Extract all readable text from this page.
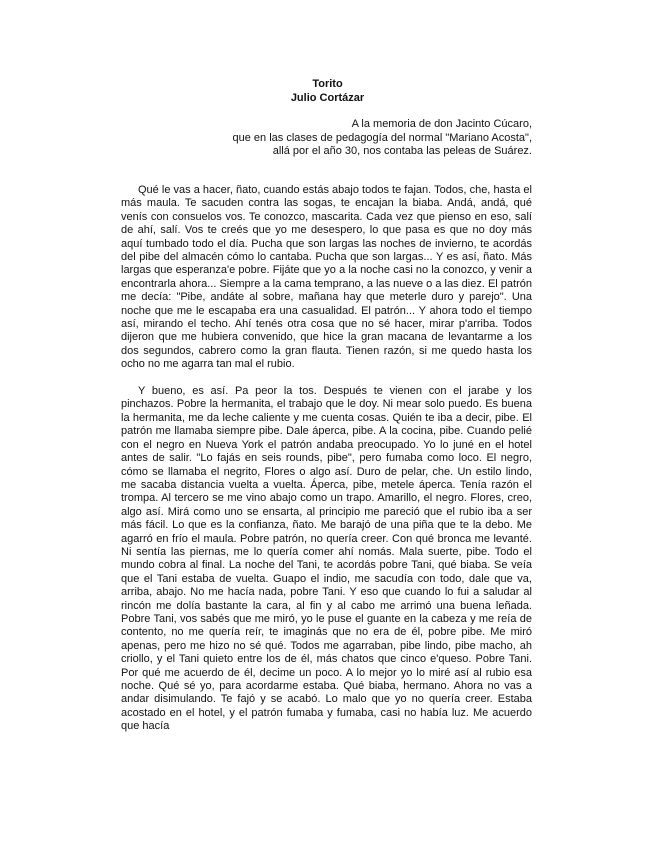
Torito
Julio Cortázar
A la memoria de don Jacinto Cúcaro,
que en las clases de pedagogía del normal "Mariano Acosta",
allá por el año 30, nos contaba las peleas de Suárez.

Qué le vas a hacer, ñato, cuando estás abajo todos te fajan. Todos, che, hasta el más maula. Te sacuden contra las sogas, te encajan la biaba. Andá, andá, qué venís con consuelos vos. Te conozco, mascarita. Cada vez que pienso en eso, salí de ahí, salí. Vos te creés que yo me desespero, lo que pasa es que no doy más aquí tumbado todo el día. Pucha que son largas las noches de invierno, te acordás del pibe del almacén cómo lo cantaba. Pucha que son largas... Y es así, ñato. Más largas que esperanza'e pobre. Fijáte que yo a la noche casi no la conozco, y venir a encontrarla ahora... Siempre a la cama temprano, a las nueve o a las diez. El patrón me decía: "Pibe, andáte al sobre, mañana hay que meterle duro y parejo". Una noche que me le escapaba era una casualidad. El patrón... Y ahora todo el tiempo así, mirando el techo. Ahí tenés otra cosa que no sé hacer, mirar p'arriba. Todos dijeron que me hubiera convenido, que hice la gran macana de levantarme a los dos segundos, cabrero como la gran flauta. Tienen razón, si me quedo hasta los ocho no me agarra tan mal el rubio.

Y bueno, es así. Pa peor la tos. Después te vienen con el jarabe y los pinchazos. Pobre la hermanita, el trabajo que le doy. Ni mear solo puedo. Es buena la hermanita, me da leche caliente y me cuenta cosas. Quién te iba a decir, pibe. El patrón me llamaba siempre pibe. Dale áperca, pibe. A la cocina, pibe. Cuando pelié con el negro en Nueva York el patrón andaba preocupado. Yo lo juné en el hotel antes de salir. "Lo fajás en seis rounds, pibe", pero fumaba como loco. El negro, cómo se llamaba el negrito, Flores o algo así. Duro de pelar, che. Un estilo lindo, me sacaba distancia vuelta a vuelta. Áperca, pibe, metele áperca. Tenía razón el trompa. Al tercero se me vino abajo como un trapo. Amarillo, el negro. Flores, creo, algo así. Mirá como uno se ensarta, al principio me pareció que el rubio iba a ser más fácil. Lo que es la confianza, ñato. Me barajó de una piña que te la debo. Me agarró en frío el maula. Pobre patrón, no quería creer. Con qué bronca me levanté. Ni sentía las piernas, me lo quería comer ahí nomás. Mala suerte, pibe. Todo el mundo cobra al final. La noche del Tani, te acordás pobre Tani, qué biaba. Se veía que el Tani estaba de vuelta. Guapo el indio, me sacudía con todo, dale que va, arriba, abajo. No me hacía nada, pobre Tani. Y eso que cuando lo fui a saludar al rincón me dolía bastante la cara, al fin y al cabo me arrimó una buena leñada. Pobre Tani, vos sabés que me miró, yo le puse el guante en la cabeza y me reía de contento, no me quería reír, te imaginás que no era de él, pobre pibe. Me miró apenas, pero me hizo no sé qué. Todos me agarraban, pibe lindo, pibe macho, ah criollo, y el Tani quieto entre los de él, más chatos que cinco e'queso. Pobre Tani. Por qué me acuerdo de él, decime un poco. A lo mejor yo lo miré así al rubio esa noche. Qué sé yo, para acordarme estaba. Qué biaba, hermano. Ahora no vas a andar disimulando. Te fajó y se acabó. Lo malo que yo no quería creer. Estaba acostado en el hotel, y el patrón fumaba y fumaba, casi no había luz. Me acuerdo que hacía
